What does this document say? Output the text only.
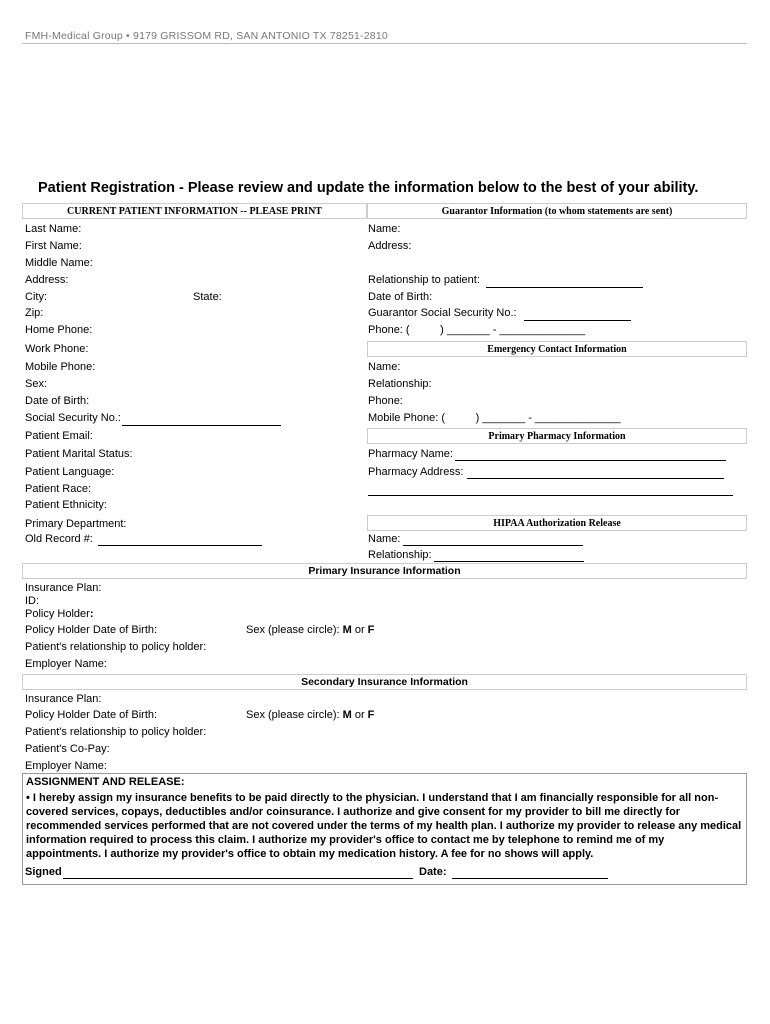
FMH-Medical Group • 9179 GRISSOM RD, SAN ANTONIO TX 78251-2810
Patient Registration - Please review and update the information below to the best of your ability.
CURRENT PATIENT INFORMATION -- PLEASE PRINT	Guarantor Information (to whom statements are sent)
Emergency Contact Information
Primary Pharmacy Information
HIPAA Authorization Release
Primary Insurance Information
Secondary Insurance Information
Last Name:
First Name:
Middle Name:
Address:
City:	State:
Zip:
Home Phone:
Work Phone:
Mobile Phone:
Sex:
Date of Birth:
Social Security No.:
Patient Email:
Patient Marital Status:
Patient Language:
Patient Race:
Patient Ethnicity:
Primary Department:
Old Record #:
Name:
Address:
Relationship to patient:
Date of Birth:
Guarantor Social Security No.:
Phone: (          ) _______ - ______________
Name:
Relationship:
Phone:
Mobile Phone: (          ) _______ - ______________
Pharmacy Name:
Pharmacy Address:
Name:
Relationship:
Insurance Plan:
ID:
Policy Holder:
Policy Holder Date of Birth:	Sex (please circle): M or F
Patient's relationship to policy holder:
Employer Name:
Insurance Plan:
Policy Holder Date of Birth:	Sex (please circle): M or F
Patient's relationship to policy holder:
Patient's Co-Pay:
Employer Name:
ASSIGNMENT AND RELEASE:
• I hereby assign my insurance benefits to be paid directly to the physician. I understand that I am financially responsible for all non-covered services, copays, deductibles and/or coinsurance. I authorize and give consent for my provider to bill me directly for recommended services performed that are not covered under the terms of my health plan. I authorize my provider to release any medical information required to process this claim. I authorize my provider's office to contact me by telephone to remind me of my appointments. I authorize my provider's office to obtain my medication history. A fee for no shows will apply.
Signed	Date:
